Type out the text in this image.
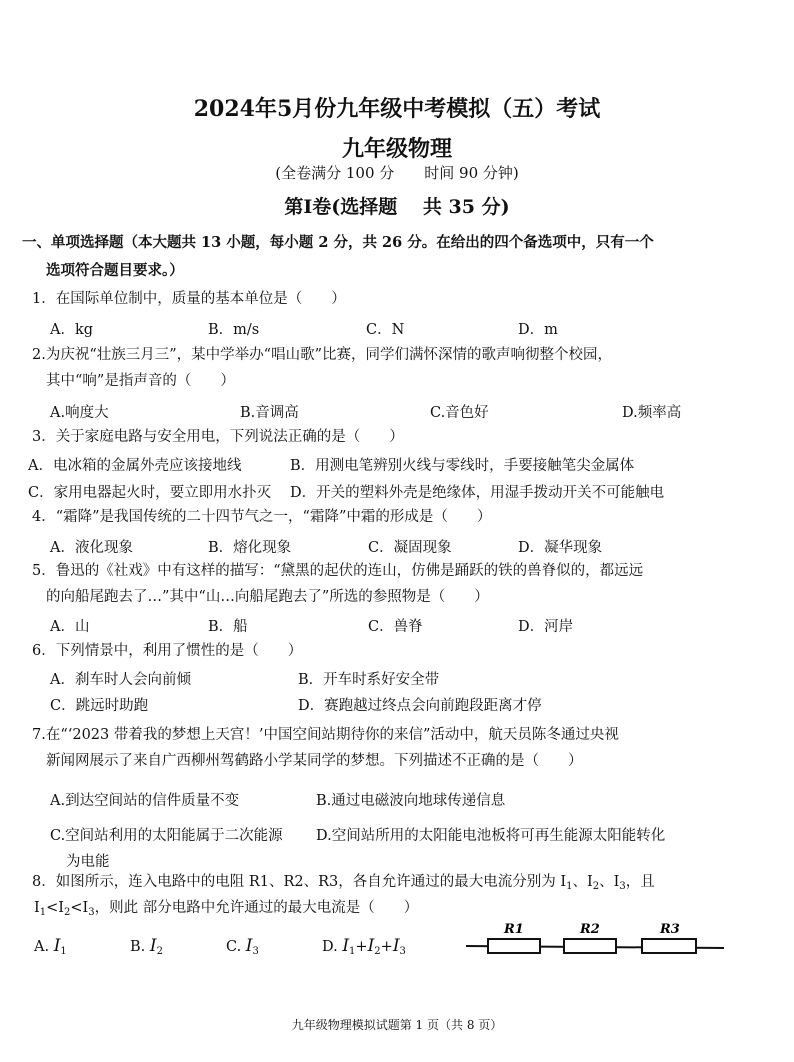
2024年5月份九年级中考模拟（五）考试
九年级物理
(全卷满分 100 分　　时间 90 分钟)
第Ⅰ卷(选择题　 共 35 分)
一、单项选择题（本大题共 13 小题，每小题 2 分，共 26 分。在给出的四个备选项中，只有一个
选项符合题目要求。）
1．在国际单位制中，质量的基本单位是（　　）
A．kg	B．m/s	C．N	D．m
2.为庆祝“壮族三月三”，某中学举办“唱山歌”比赛，同学们满怀深情的歌声响彻整个校园，
其中“响”是指声音的（　　）
A.响度大	B.音调高	C.音色好	D.频率高
3．关于家庭电路与安全用电，下列说法正确的是（　　）
A．电冰箱的金属外壳应该接地线	B．用测电笔辨别火线与零线时，手要接触笔尖金属体
C．家用电器起火时，要立即用水扑灭 D．开关的塑料外壳是绝缘体，用湿手拨动开关不可能触电
4．“霜降”是我国传统的二十四节气之一，“霜降”中霜的形成是（　　）
A．液化现象	B．熔化现象	C．凝固现象	D．凝华现象
5．鲁迅的《社戏》中有这样的描写：“黛黑的起伏的连山，仿佛是踊跃的铁的兽脊似的，都远远
的向船尾跑去了…”其中“山…向船尾跑去了”所选的参照物是（　　）
A．山	B．船	C．兽脊	D．河岸
6．下列情景中，利用了惯性的是（　　）
A．刹车时人会向前倾	B．开车时系好安全带
C．跳远时助跑	D．赛跑越过终点会向前跑段距离才停
7.在“‘2023 带着我的梦想上天宫！’中国空间站期待你的来信”活动中，航天员陈冬通过央视
新闻网展示了来自广西柳州驾鹤路小学某同学的梦想。下列描述不正确的是（　　）
A.到达空间站的信件质量不变	B.通过电磁波向地球传递信息
C.空间站利用的太阳能属于二次能源 D.空间站所用的太阳能电池板将可再生能源太阳能转化
为电能
8．如图所示，连入电路中的电阻 R1、R2、R3，各自允许通过的最大电流分别为 $I_1$、$I_2$、$I_3$，且
$I_1<I_2<I_3$，则此 部分电路中允许通过的最大电流是（　　）
A. $I_1$	B. $I_2$	C. $I_3$	D. $I_1+I_2+I_3$
R1	R2	R3
九年级物理模拟试题第 1 页（共 8 页）
